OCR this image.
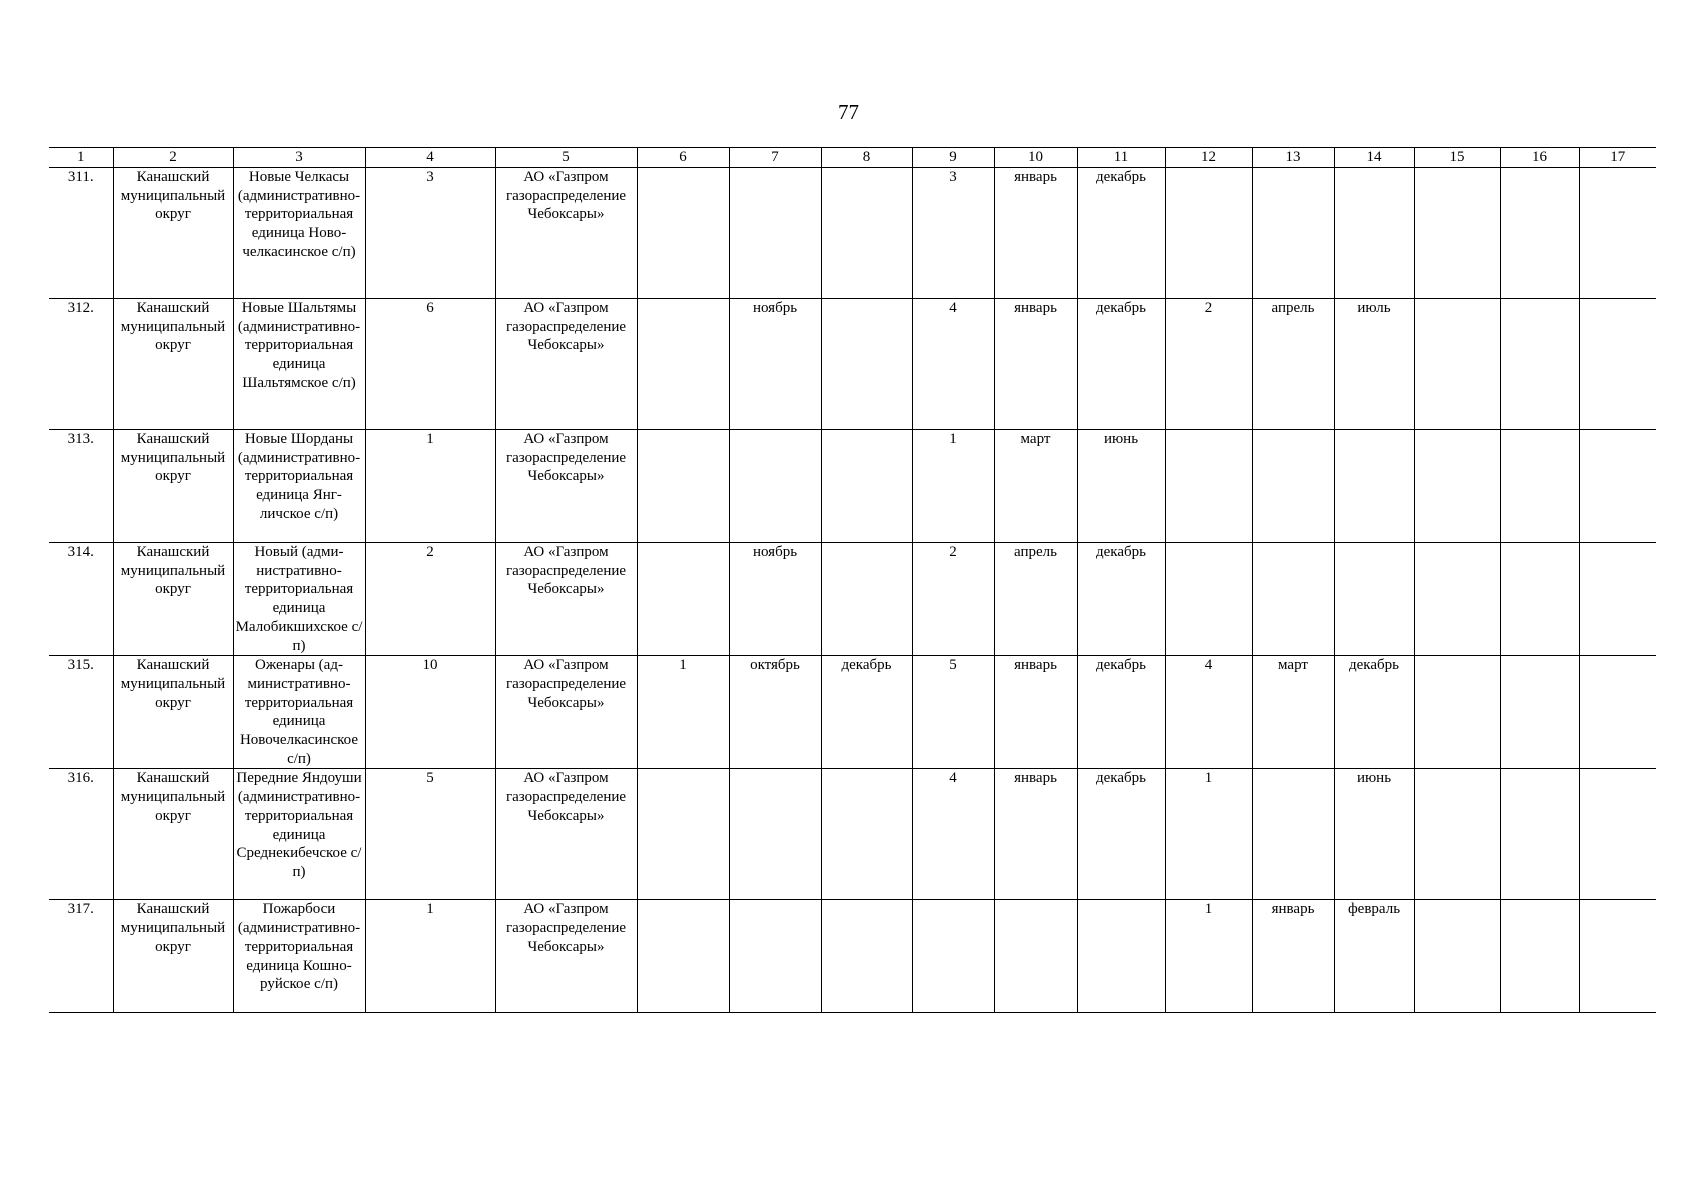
77
1	2	3	4	5	6	7	8	9	10	11	12	13	14	15	16	17
311.	Канашский муниципальный округ	Новые Челкасы (административно-территориальная единица Новочелкасинское с/п)	3	АО «Газпром газораспределение Чебоксары»				3	январь	декабрь						
312.	Канашский муниципальный округ	Новые Шальтямы (административно-территориальная единица Шальтямское с/п)	6	АО «Газпром газораспределение Чебоксары»		ноябрь		4	январь	декабрь	2	апрель	июль			
313.	Канашский муниципальный округ	Новые Шорданы (административно-территориальная единица Янгличское с/п)	1	АО «Газпром газораспределение Чебоксары»				1	март	июнь						
314.	Канашский муниципальный округ	Новый (административно-территориальная единица Малобикшихское с/п)	2	АО «Газпром газораспределение Чебоксары»		ноябрь		2	апрель	декабрь						
315.	Канашский муниципальный округ	Оженары (административно-территориальная единица Новочелкасинское с/п)	10	АО «Газпром газораспределение Чебоксары»	1	октябрь	декабрь	5	январь	декабрь	4	март	декабрь			
316.	Канашский муниципальный округ	Передние Яндоуши (административно-территориальная единица Среднекибечское с/п)	5	АО «Газпром газораспределение Чебоксары»				4	январь	декабрь	1		июнь			
317.	Канашский муниципальный округ	Пожарбоси (административно-территориальная единица Кошноруйское с/п)	1	АО «Газпром газораспределение Чебоксары»							1	январь	февраль			
